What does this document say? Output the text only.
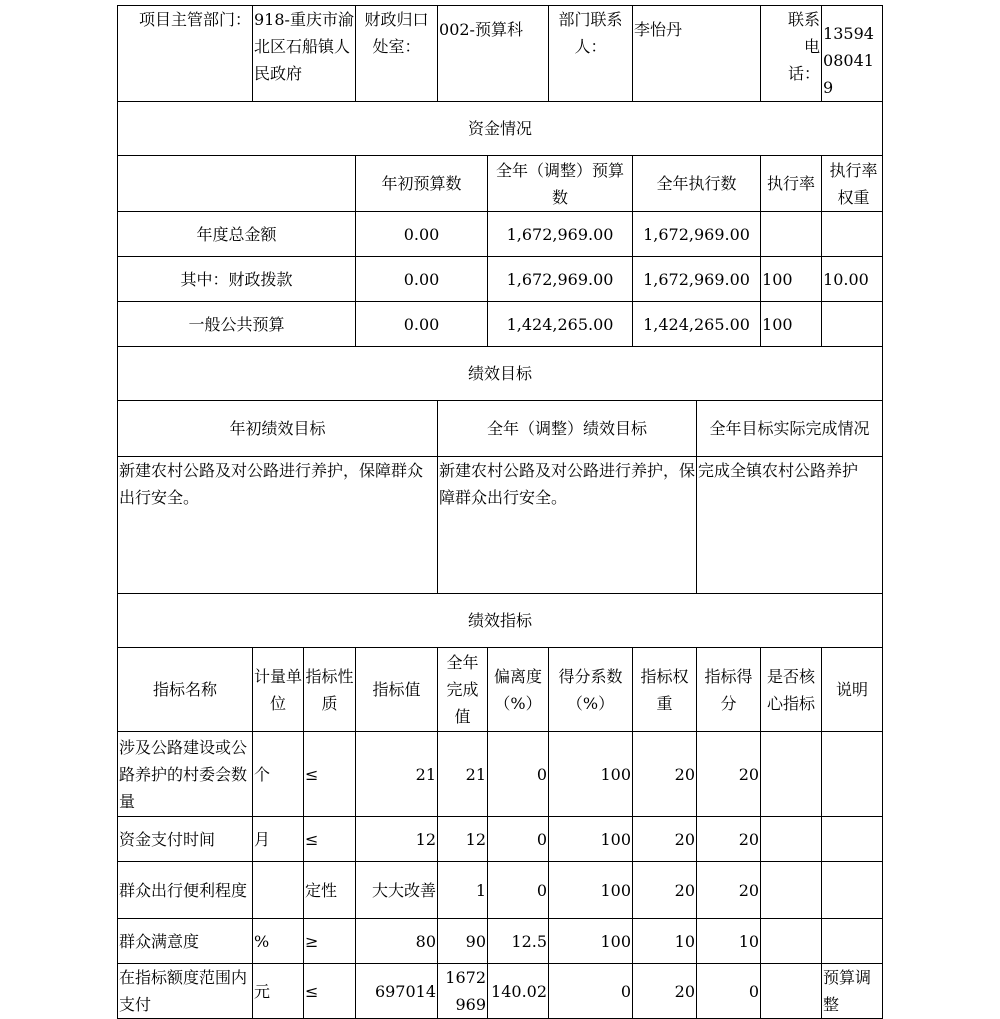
项目主管部门：	918-重庆市渝北区石船镇人民政府		财政归口处室：	002-预算科		部门联系人：	李怡丹		联系电话：	13594080419
资金情况										
			年初预算数		全年（调整）预算数		全年执行数		执行率	执行率权重

年度总金额			0.00		1,672,969.00		1,672,969.00			
其中：财政拨款			0.00		1,672,969.00		1,672,969.00		100	10.00
一般公共预算			0.00		1,424,265.00		1,424,265.00		100	
绩效目标										
年初绩效目标				全年（调整）绩效目标				全年目标实际完成情况		
新建农村公路及对公路进行养护，保障群众出行安全。				新建农村公路及对公路进行养护，保障群众出行安全。				完成全镇农村公路养护		
绩效指标										
指标名称	计量单位	指标性质	指标值	全年完成值	偏离度（%）	得分系数（%）	指标权重	指标得分	是否核心指标	说明
涉及公路建设或公路养护的村委会数量	个	≤	21	21	0	100	20	20		
资金支付时间	月	≤	12	12	0	100	20	20		
群众出行便利程度		定性	大大改善	1	0	100	20	20		
群众满意度	%	≥	80	90	12.5	100	10	10		
在指标额度范围内支付	元	≤	697014	1672969	140.02	0	20	0		预算调整
